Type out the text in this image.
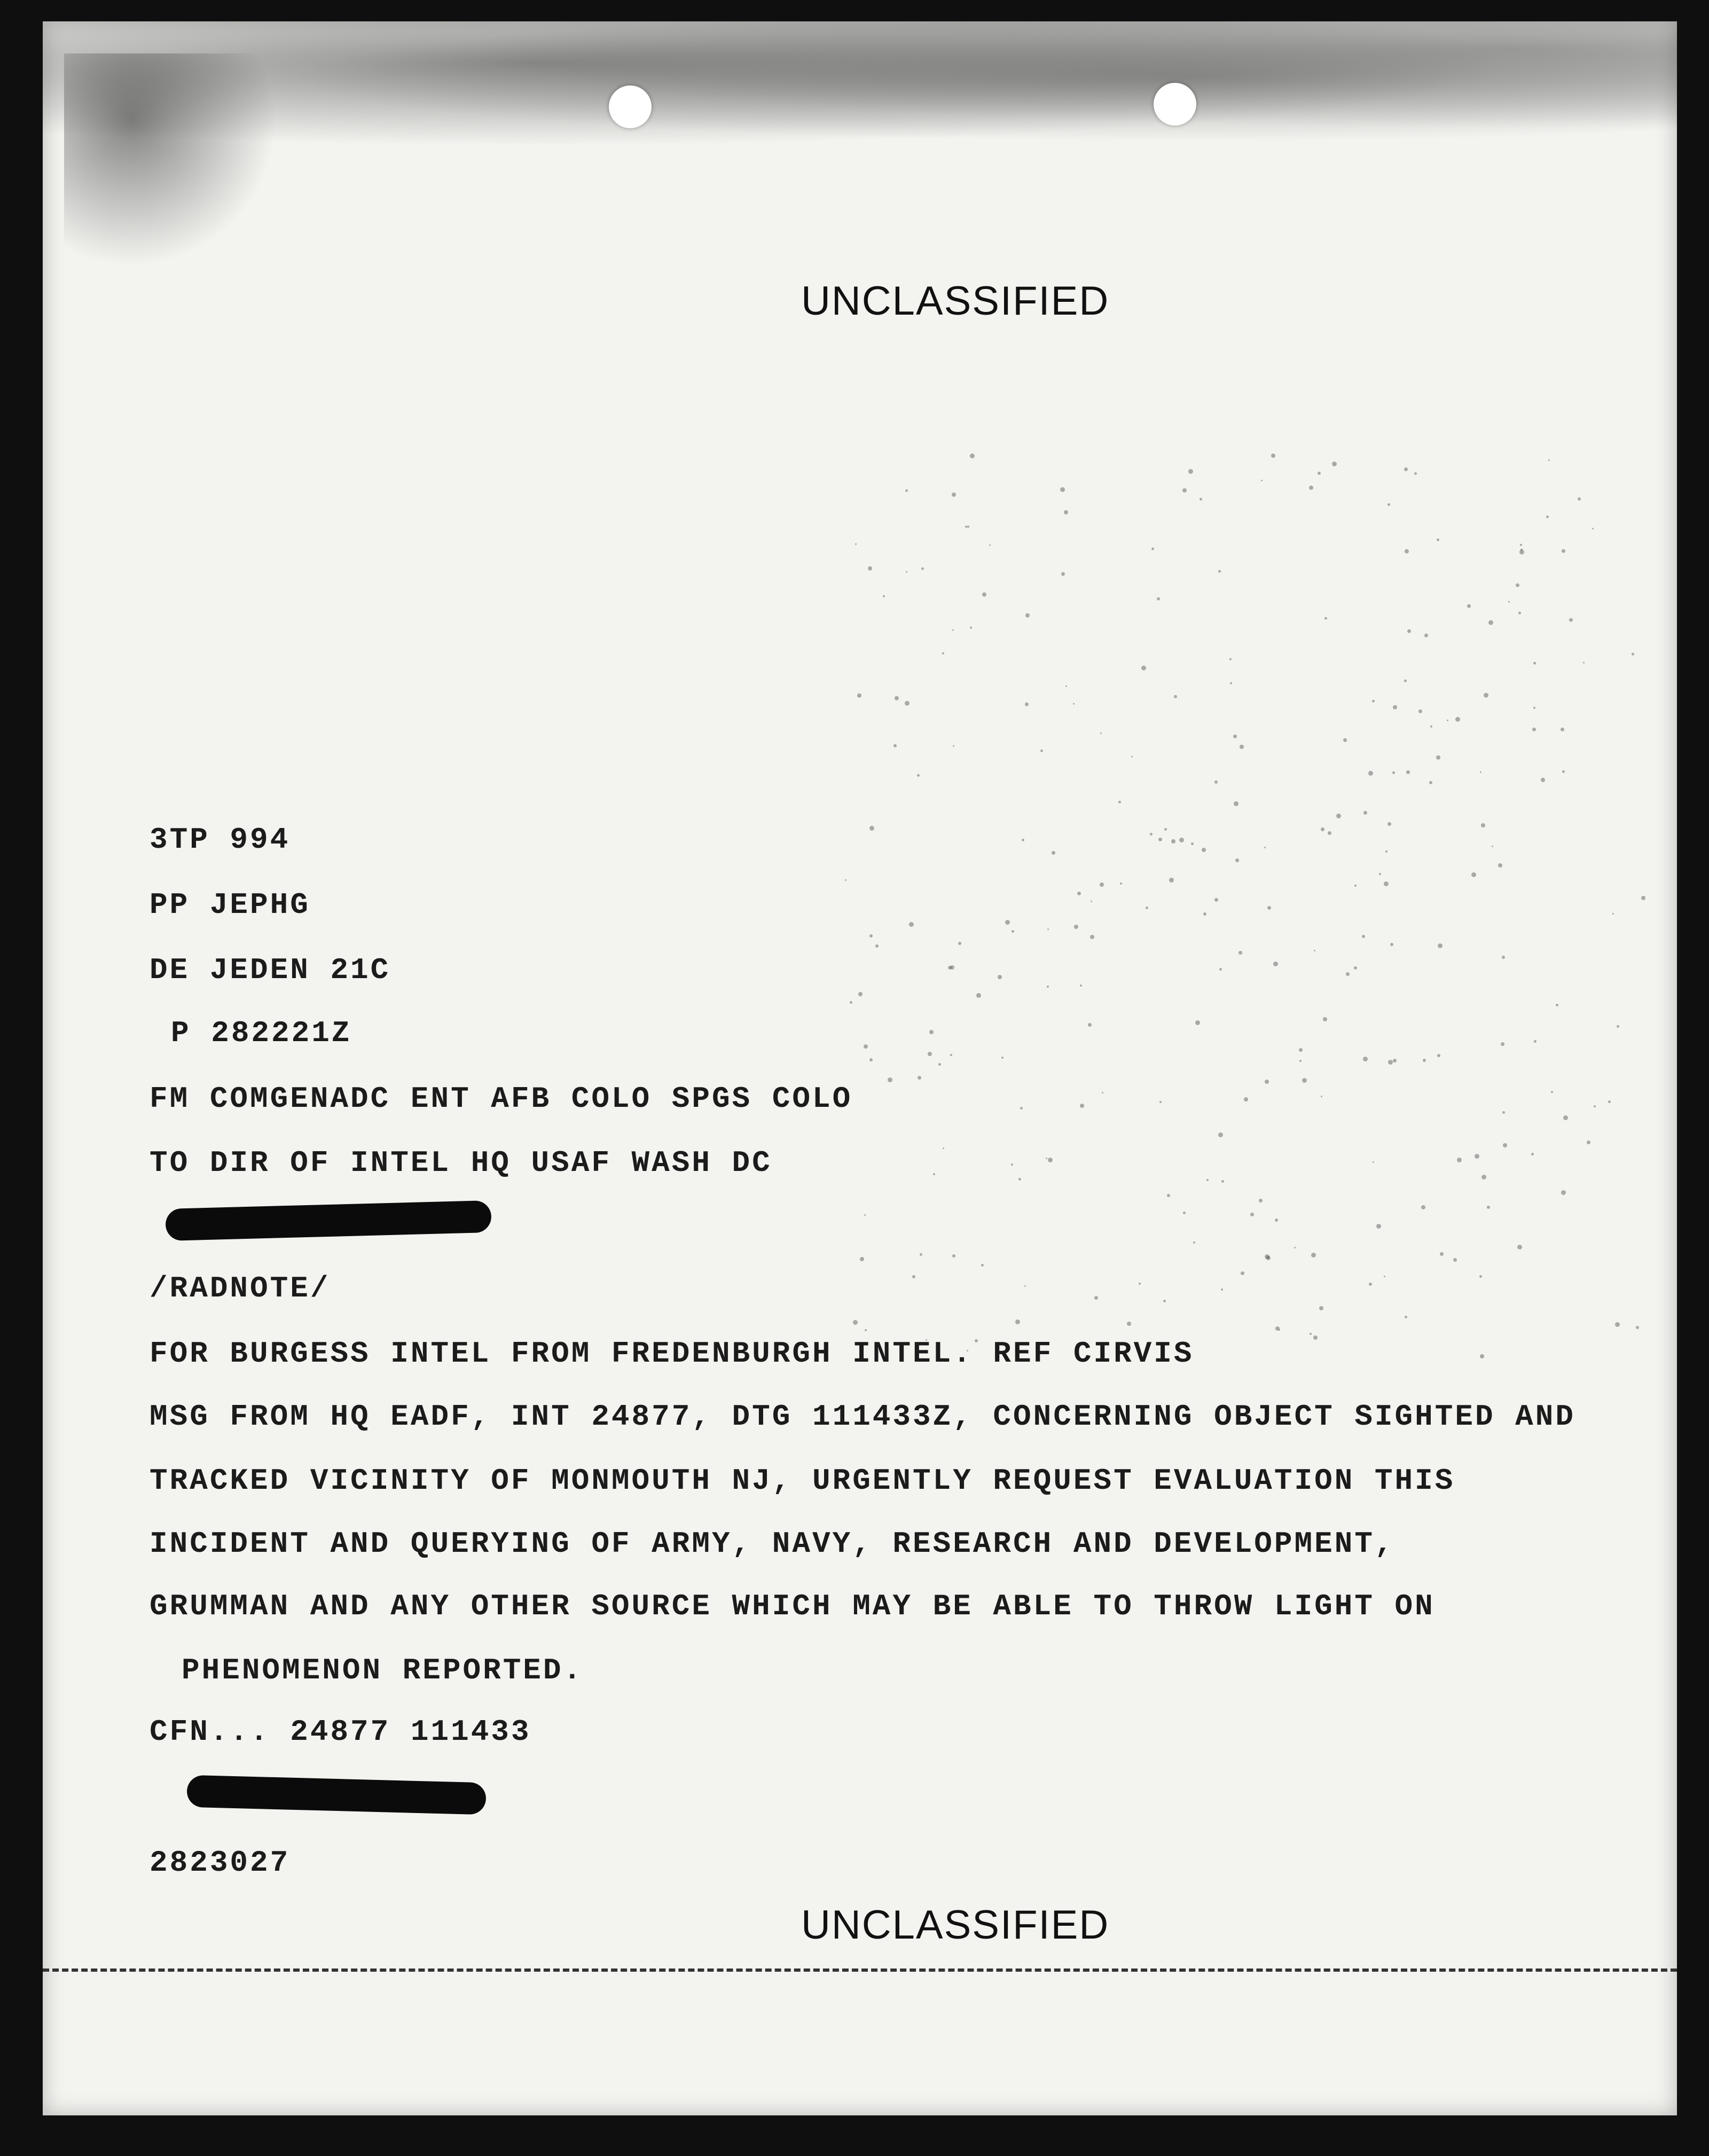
UNCLASSIFIED
3TP 994
PP JEPHG
DE JEDEN 21C
P 282221Z
FM COMGENADC ENT AFB COLO SPGS COLO
TO DIR OF INTEL HQ USAF WASH DC
/RADNOTE/
FOR BURGESS INTEL FROM FREDENBURGH INTEL. REF CIRVIS
MSG FROM HQ EADF, INT 24877, DTG 111433Z, CONCERNING OBJECT SIGHTED AND
TRACKED VICINITY OF MONMOUTH NJ, URGENTLY REQUEST EVALUATION THIS
INCIDENT AND QUERYING OF ARMY, NAVY, RESEARCH AND DEVELOPMENT,
GRUMMAN AND ANY OTHER SOURCE WHICH MAY BE ABLE TO THROW LIGHT ON
PHENOMENON REPORTED.
CFN... 24877 111433
2823027
UNCLASSIFIED
